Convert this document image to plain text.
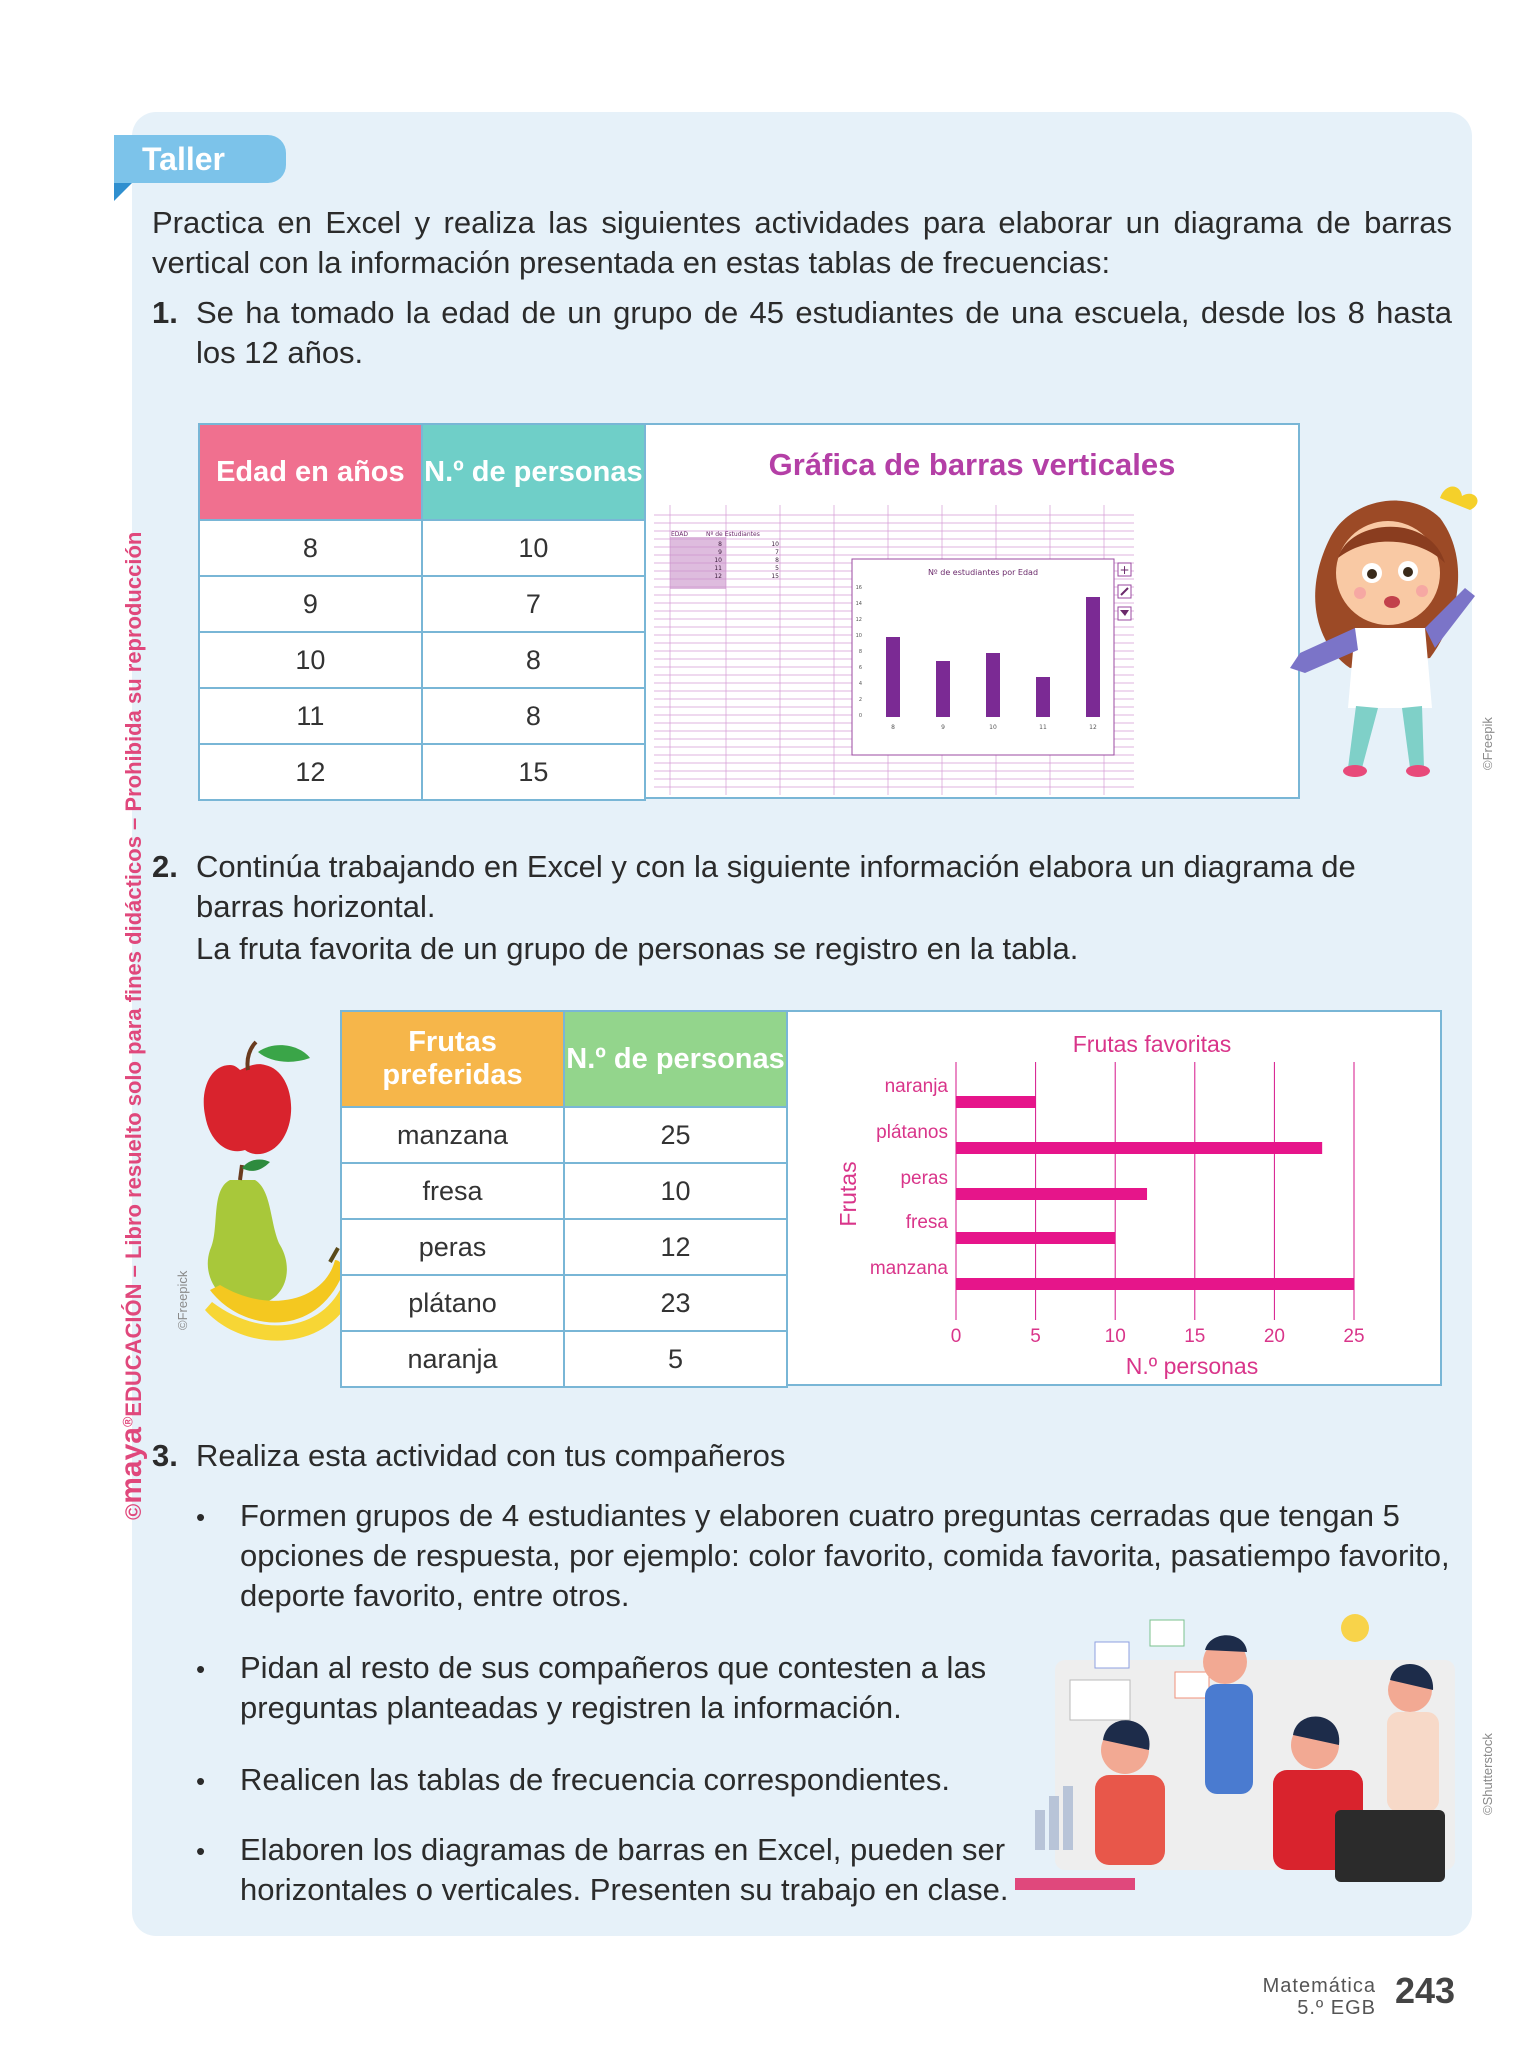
Taller
©maya®EDUCACIÓN – Libro resuelto solo para fines didácticos – Prohibida su reproducción
Practica en Excel y realiza las siguientes actividades para elaborar un diagrama de barras vertical con la información presentada en estas tablas de frecuencias:
1. Se ha tomado la edad de un grupo de 45 estudiantes de una escuela, desde los 8 hasta los 12 años.
Edad en años	N.º de personas
8	10
9	7
10	8
11	8
12	15
Gráfica de barras verticales
EDAD	Nº de Estudiantes
8	10
9	7
10	8
11	5
12	15	Nº de estudiantes por Edad
16
14
12
10
8
6
4
2
0
8	9	10	11	12
+
©Freepik
2. Continúa trabajando en Excel y con la siguiente información elabora un diagrama de barras horizontal.
La fruta favorita de un grupo de personas se registro en la tabla.
©Freepick
Frutas preferidas	N.º de personas
manzana	25
fresa	10
peras	12
plátano	23
naranja	5
Frutas favoritas
manzana
fresa
peras
plátanos
naranja
0	5	10	15	20	25
N.º personas
Frutas
3. Realiza esta actividad con tus compañeros
• Formen grupos de 4 estudiantes y elaboren cuatro preguntas cerradas que tengan 5 opciones de respuesta, por ejemplo: color favorito, comida favorita, pasatiempo favorito, deporte favorito, entre otros.
• Pidan al resto de sus compañeros que contesten a las preguntas planteadas y registren la información.
• Realicen las tablas de frecuencia correspondientes.
• Elaboren los diagramas de barras en Excel, pueden ser horizontales o verticales. Presenten su trabajo en clase.
©Shutterstock
Matemática
5.º EGB 243
